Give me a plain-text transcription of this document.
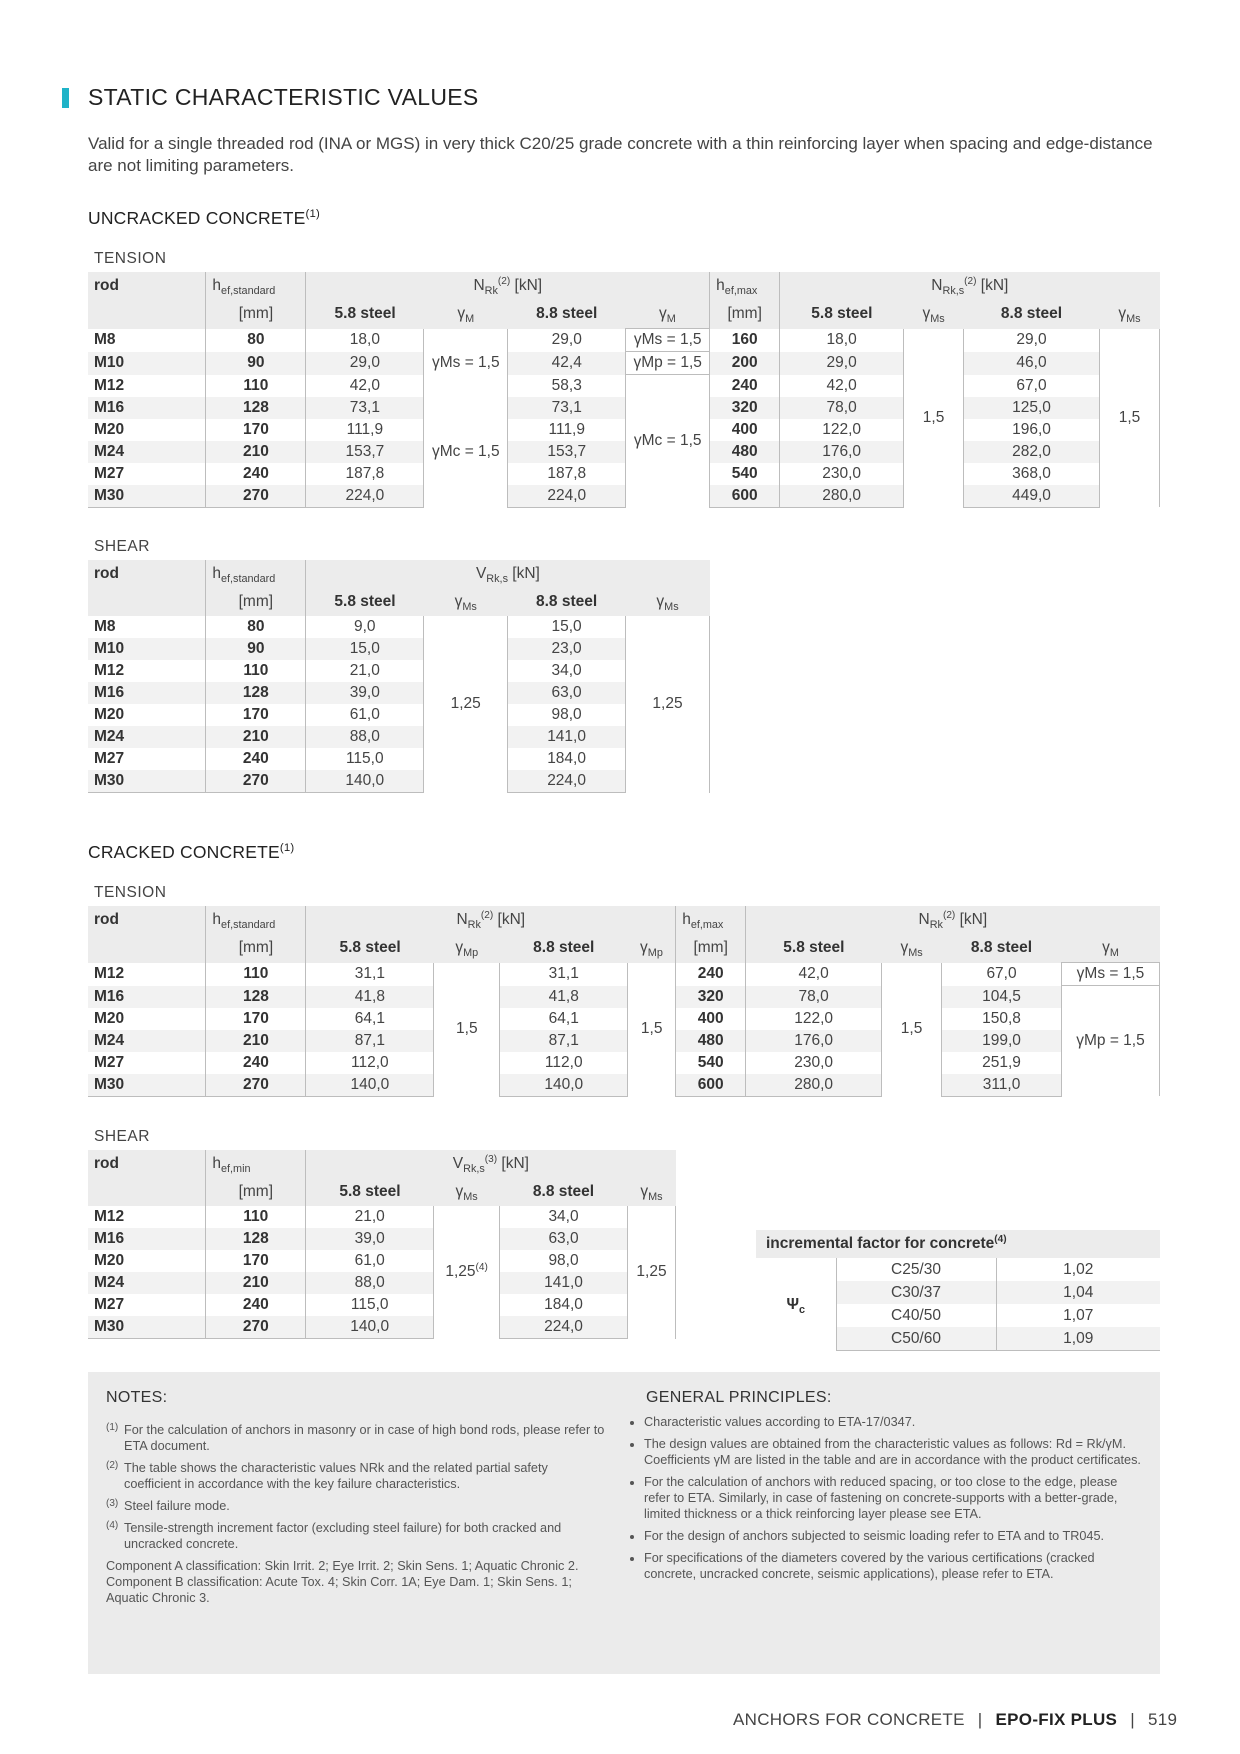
STATIC CHARACTERISTIC VALUES
Valid for a single threaded rod (INA or MGS) in very thick C20/25 grade concrete with a thin reinforcing layer when spacing and edge-distance are not limiting parameters.
UNCRACKED CONCRETE$^{(1)}$
TENSION
rod	$h_{ef,standard}$	$N_{Rk}^{(2)}$ [kN]				$h_{ef,max}$	$N_{Rk,s}^{(2)}$ [kN]			
	[mm]	5.8 steel	$\gamma_M$	8.8 steel	$\gamma_M$	[mm]	5.8 steel	$\gamma_{Ms}$	8.8 steel	$\gamma_{Ms}$
M8	80	18,0	γMs = 1,5	29,0	γMs = 1,5	160	18,0	1,5	29,0	1,5
M10	90	29,0		42,4	γMp = 1,5	200	29,0		46,0	
M12	110	42,0		58,3	γMc = 1,5	240	42,0		67,0	
M16	128	73,1	γMc = 1,5	73,1		320	78,0		125,0	
M20	170	111,9		111,9		400	122,0		196,0	
M24	210	153,7		153,7		480	176,0		282,0	
M27	240	187,8		187,8		540	230,0		368,0	
M30	270	224,0		224,0		600	280,0		449,0	
SHEAR
rod	$h_{ef,standard}$	$V_{Rk,s}$ [kN]			
	[mm]	5.8 steel	$\gamma_{Ms}$	8.8 steel	$\gamma_{Ms}$
M8	80	9,0	1,25	15,0	1,25
M10	90	15,0		23,0	
M12	110	21,0		34,0	
M16	128	39,0		63,0	
M20	170	61,0		98,0	
M24	210	88,0		141,0	
M27	240	115,0		184,0	
M30	270	140,0		224,0	
CRACKED CONCRETE$^{(1)}$
TENSION
rod	$h_{ef,standard}$	$N_{Rk}^{(2)}$ [kN]				$h_{ef,max}$	$N_{Rk}^{(2)}$ [kN]			
	[mm]	5.8 steel	$\gamma_{Mp}$	8.8 steel	$\gamma_{Mp}$	[mm]	5.8 steel	$\gamma_{Ms}$	8.8 steel	$\gamma_M$
M12	110	31,1	1,5	31,1	1,5	240	42,0	1,5	67,0	γMs = 1,5
M16	128	41,8		41,8		320	78,0		104,5	γMp = 1,5
M20	170	64,1		64,1		400	122,0		150,8	
M24	210	87,1		87,1		480	176,0		199,0	
M27	240	112,0		112,0		540	230,0		251,9	
M30	270	140,0		140,0		600	280,0		311,0	
SHEAR
rod	$h_{ef,min}$	$V_{Rk,s}^{(3)}$ [kN]			
	[mm]	5.8 steel	$\gamma_{Ms}$	8.8 steel	$\gamma_{Ms}$
M12	110	21,0	1,25$^{(4)}$	34,0	1,25
M16	128	39,0		63,0	
M20	170	61,0		98,0	
M24	210	88,0		141,0	
M27	240	115,0		184,0	
M30	270	140,0		224,0	
incremental factor for concrete$^{(4)}$
$\Psi_c$	C25/30	1,02
	C30/37	1,04
	C40/50	1,07
	C50/60	1,09
NOTES:
(1) For the calculation of anchors in masonry or in case of high bond rods, please refer to ETA document.
(2) The table shows the characteristic values NRk and the related partial safety coefficient in accordance with the key failure characteristics.
(3) Steel failure mode.
(4) Tensile-strength increment factor (excluding steel failure) for both cracked and uncracked concrete.
Component A classification: Skin Irrit. 2; Eye Irrit. 2; Skin Sens. 1; Aquatic Chronic 2. Component B classification: Acute Tox. 4; Skin Corr. 1A; Eye Dam. 1; Skin Sens. 1; Aquatic Chronic 3.
GENERAL PRINCIPLES:
• Characteristic values according to ETA-17/0347.
• The design values are obtained from the characteristic values as follows: Rd = Rk/γM. Coefficients γM are listed in the table and are in accordance with the product certificates.
• For the calculation of anchors with reduced spacing, or too close to the edge, please refer to ETA. Similarly, in case of fastening on concrete-supports with a better-grade, limited thickness or a thick reinforcing layer please see ETA.
• For the design of anchors subjected to seismic loading refer to ETA and to TR045.
• For specifications of the diameters covered by the various certifications (cracked concrete, uncracked concrete, seismic applications), please refer to ETA.
ANCHORS FOR CONCRETE | EPO-FIX PLUS | 519
